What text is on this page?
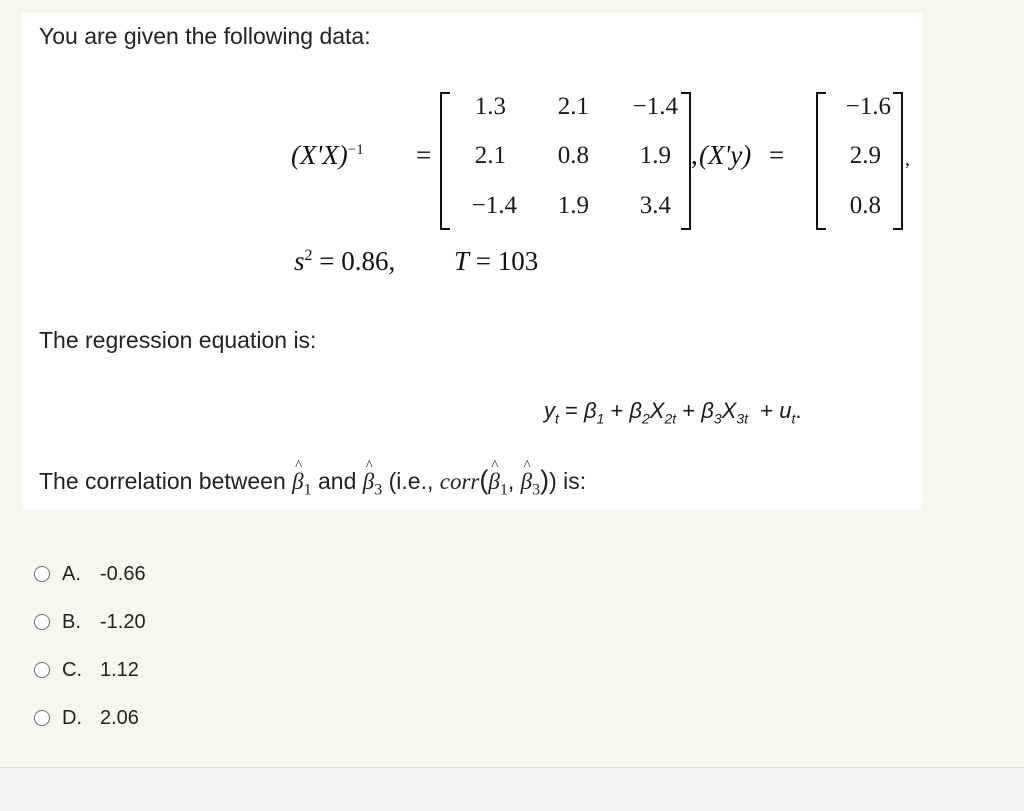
You are given the following data:
$(X'X)^{-1}$ =
1.3	2.1	−1.4
2.1	0.8	1.9
−1.4	1.9	3.4
, (X'y) =
−1.6
2.9
0.8
,
$s^2 = 0.86$, T = 103
The regression equation is:
$y_t = \beta_1 + \beta_2X_{2t} + \beta_3X_{3t} + u_t$.
The correlation between ^ $\beta_1$ and ^ $\beta_3$ (i.e., corr(^ $\beta_1$, ^ $\beta_3$)) is:
A. -0.66
B. -1.20
C. 1.12
D. 2.06
